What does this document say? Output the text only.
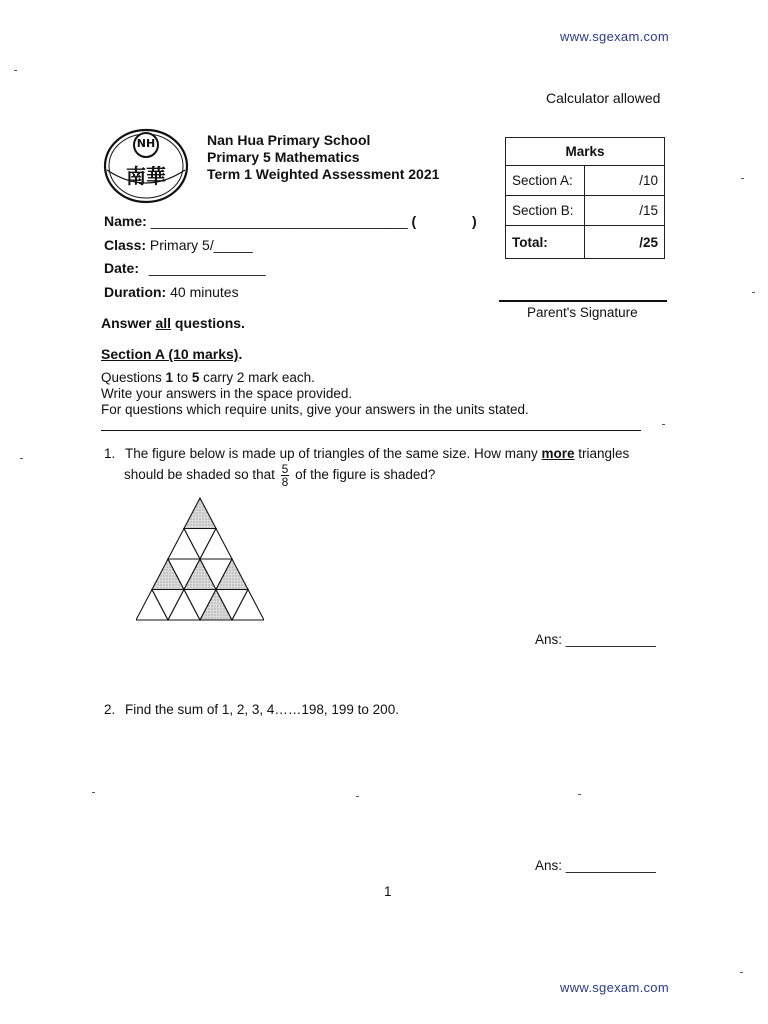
www.sgexam.com
Calculator allowed
NH
南華
Nan Hua Primary School
Primary 5 Mathematics
Term 1 Weighted Assessment 2021
Marks	
Section A:	/10
Section B:	/15
Total:	/25
Name: _________________________________ (	)
Class: Primary 5/_____
Date: _______________
Duration: 40 minutes
Parent's Signature
Answer all questions.
Section A (10 marks).
Questions 1 to 5 carry 2 mark each.
Write your answers in the space provided.
For questions which require units, give your answers in the units stated.
1. The figure below is made up of triangles of the same size. How many more triangles
should be shaded so that $\frac{5}{8}$ of the figure is shaded?
Ans: ____________
2. Find the sum of 1, 2, 3, 4……198, 199 to 200.
Ans: ____________
1
www.sgexam.com
